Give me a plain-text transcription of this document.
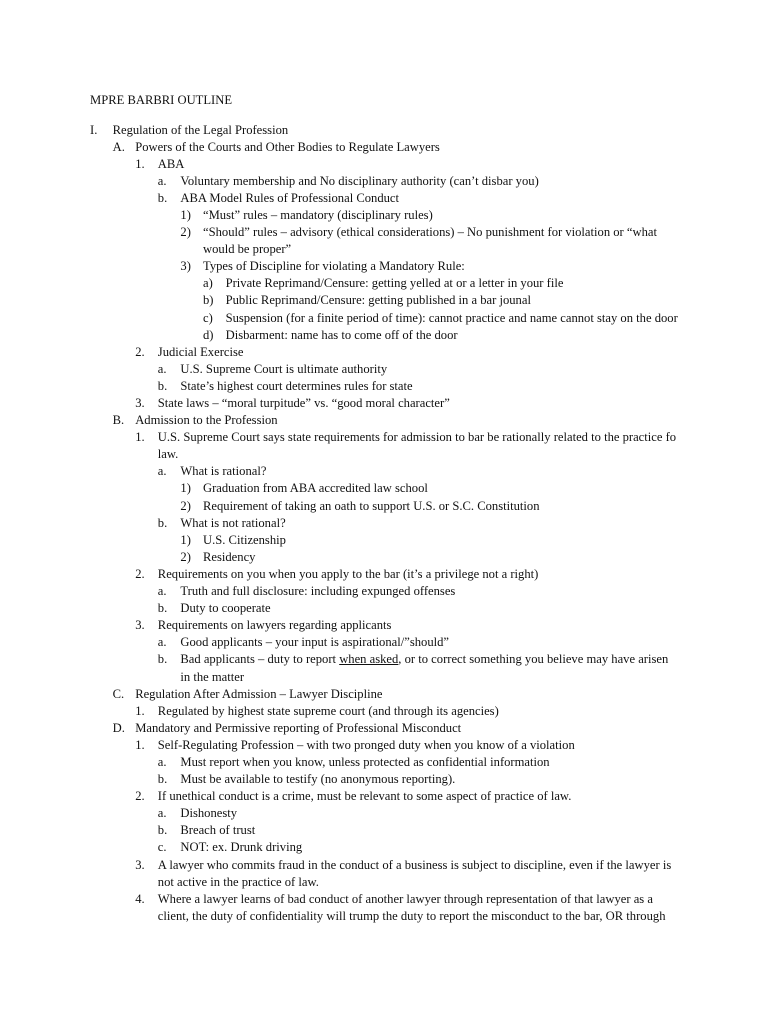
MPRE BARBRI OUTLINE
I. Regulation of the Legal Profession
A. Powers of the Courts and Other Bodies to Regulate Lawyers
1. ABA
a. Voluntary membership and No disciplinary authority (can’t disbar you)
b. ABA Model Rules of Professional Conduct
1) “Must” rules – mandatory (disciplinary rules)
2) “Should” rules – advisory (ethical considerations) – No punishment for violation or “what
would be proper”
3) Types of Discipline for violating a Mandatory Rule:
a) Private Reprimand/Censure: getting yelled at or a letter in your file
b) Public Reprimand/Censure: getting published in a bar jounal
c) Suspension (for a finite period of time): cannot practice and name cannot stay on the door
d) Disbarment: name has to come off of the door
2. Judicial Exercise
a. U.S. Supreme Court is ultimate authority
b. State’s highest court determines rules for state
3. State laws – “moral turpitude” vs. “good moral character”
B. Admission to the Profession
1. U.S. Supreme Court says state requirements for admission to bar be rationally related to the practice fo
law.
a. What is rational?
1) Graduation from ABA accredited law school
2) Requirement of taking an oath to support U.S. or S.C. Constitution
b. What is not rational?
1) U.S. Citizenship
2) Residency
2. Requirements on you when you apply to the bar (it’s a privilege not a right)
a. Truth and full disclosure: including expunged offenses
b. Duty to cooperate
3. Requirements on lawyers regarding applicants
a. Good applicants – your input is aspirational/”should”
b. Bad applicants – duty to report when asked, or to correct something you believe may have arisen
in the matter
C. Regulation After Admission – Lawyer Discipline
1. Regulated by highest state supreme court (and through its agencies)
D. Mandatory and Permissive reporting of Professional Misconduct
1. Self-Regulating Profession – with two pronged duty when you know of a violation
a. Must report when you know, unless protected as confidential information
b. Must be available to testify (no anonymous reporting).
2. If unethical conduct is a crime, must be relevant to some aspect of practice of law.
a. Dishonesty
b. Breach of trust
c. NOT: ex. Drunk driving
3. A lawyer who commits fraud in the conduct of a business is subject to discipline, even if the lawyer is
not active in the practice of law.
4. Where a lawyer learns of bad conduct of another lawyer through representation of that lawyer as a
client, the duty of confidentiality will trump the duty to report the misconduct to the bar, OR through
